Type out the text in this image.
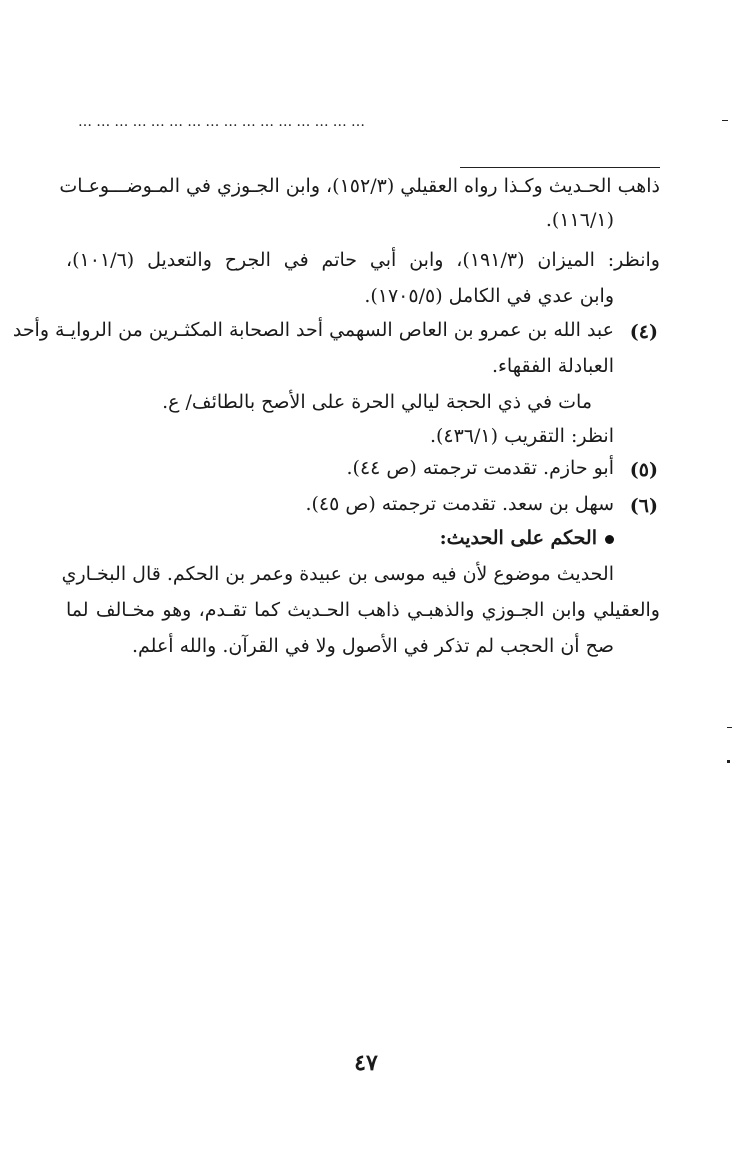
…………………………………………
ذاهب الحـديث وكـذا رواه العقيلي (١٥٢/٣)، وابن الجـوزي في المـوضـــوعـات
(١١٦/١).
وانظر: الميزان (١٩١/٣)، وابن أبي حاتم في الجرح والتعديل (١٠١/٦)،
وابن عدي في الكامل (١٧٠٥/٥).
(٤)
عبد الله بن عمرو بن العاص السهمي أحد الصحابة المكثـرين من الروايـة وأحد
العبادلة الفقهاء.
مات في ذي الحجة ليالي الحرة على الأصح بالطائف/ ع.
انظر: التقريب (٤٣٦/١).
(٥)
أبو حازم. تقدمت ترجمته (ص ٤٤).
(٦)
سهل بن سعد. تقدمت ترجمته (ص ٤٥).
الحكم على الحديث:
الحديث موضوع لأن فيه موسى بن عبيدة وعمر بن الحكم. قال البخـاري
والعقيلي وابن الجـوزي والذهبـي ذاهب الحـديث كما تقـدم، وهو مخـالف لما
صح أن الحجب لم تذكر في الأصول ولا في القرآن. والله أعلم.
٤٧
